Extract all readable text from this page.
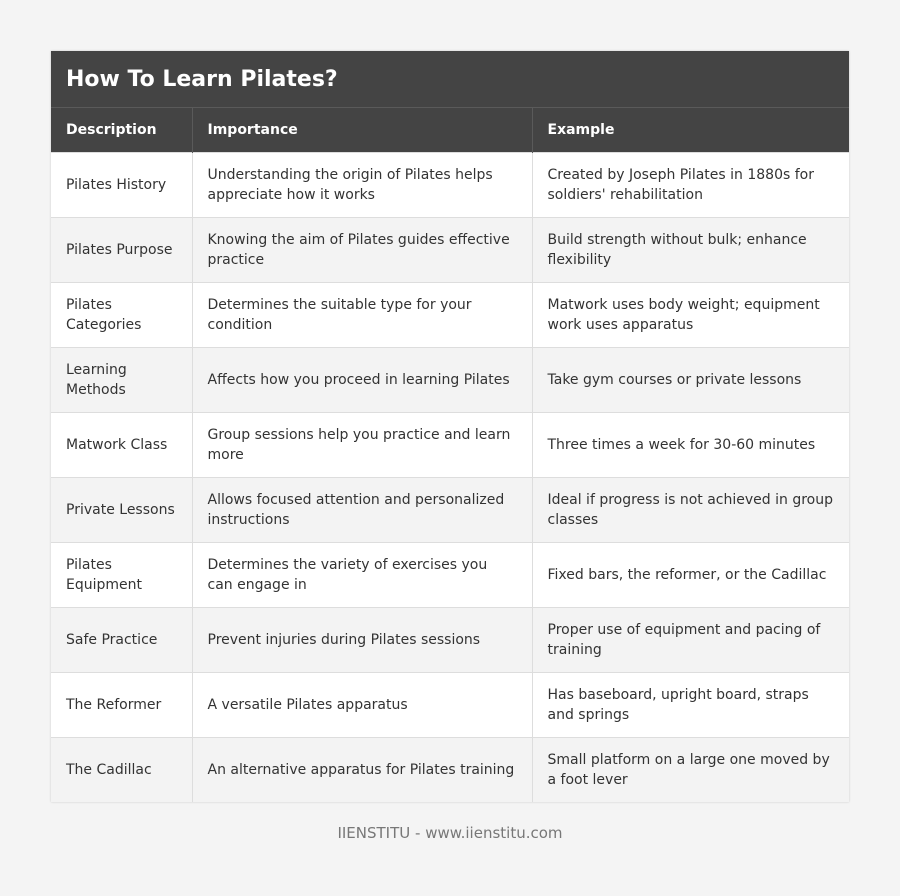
How To Learn Pilates?
Description	Importance	Example
Pilates History	Understanding the origin of Pilates helps appreciate how it works	Created by Joseph Pilates in 1880s for soldiers' rehabilitation
Pilates Purpose	Knowing the aim of Pilates guides effective practice	Build strength without bulk; enhance flexibility
Pilates Categories	Determines the suitable type for your condition	Matwork uses body weight; equipment work uses apparatus
Learning Methods	Affects how you proceed in learning Pilates	Take gym courses or private lessons
Matwork Class	Group sessions help you practice and learn more	Three times a week for 30-60 minutes
Private Lessons	Allows focused attention and personalized instructions	Ideal if progress is not achieved in group classes
Pilates Equipment	Determines the variety of exercises you can engage in	Fixed bars, the reformer, or the Cadillac
Safe Practice	Prevent injuries during Pilates sessions	Proper use of equipment and pacing of training
The Reformer	A versatile Pilates apparatus	Has baseboard, upright board, straps and springs
The Cadillac	An alternative apparatus for Pilates training	Small platform on a large one moved by a foot lever
IIENSTITU - www.iienstitu.com
